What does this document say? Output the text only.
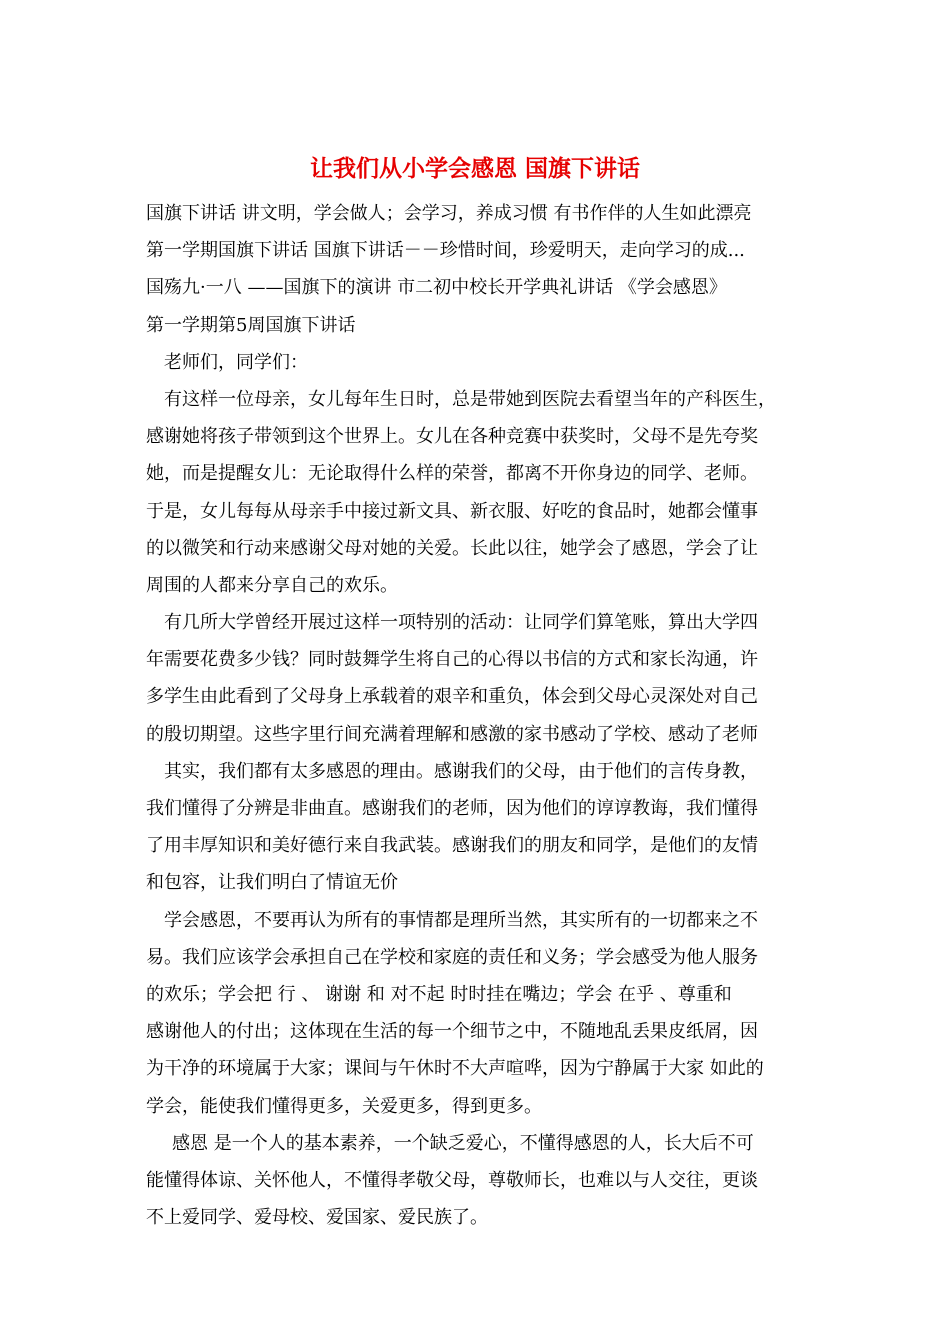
让我们从小学会感恩 国旗下讲话
国旗下讲话 讲文明，学会做人；会学习，养成习惯 有书作伴的人生如此漂亮
第一学期国旗下讲话 国旗下讲话－－珍惜时间，珍爱明天，走向学习的成...
国殇九·一八 ——国旗下的演讲 市二初中校长开学典礼讲话 《学会感恩》
第一学期第5周国旗下讲话
老师们，同学们：
有这样一位母亲，女儿每年生日时，总是带她到医院去看望当年的产科医生，
感谢她将孩子带领到这个世界上。女儿在各种竞赛中获奖时，父母不是先夸奖
她，而是提醒女儿：无论取得什么样的荣誉，都离不开你身边的同学、老师。
于是，女儿每每从母亲手中接过新文具、新衣服、好吃的食品时，她都会懂事
的以微笑和行动来感谢父母对她的关爱。长此以往，她学会了感恩，学会了让
周围的人都来分享自己的欢乐。
有几所大学曾经开展过这样一项特别的活动：让同学们算笔账，算出大学四
年需要花费多少钱？同时鼓舞学生将自己的心得以书信的方式和家长沟通，许
多学生由此看到了父母身上承载着的艰辛和重负，体会到父母心灵深处对自己
的殷切期望。这些字里行间充满着理解和感激的家书感动了学校、感动了老师
其实，我们都有太多感恩的理由。感谢我们的父母，由于他们的言传身教，
我们懂得了分辨是非曲直。感谢我们的老师，因为他们的谆谆教诲，我们懂得
了用丰厚知识和美好德行来自我武装。感谢我们的朋友和同学，是他们的友情
和包容，让我们明白了情谊无价
学会感恩，不要再认为所有的事情都是理所当然，其实所有的一切都来之不
易。我们应该学会承担自己在学校和家庭的责任和义务；学会感受为他人服务
的欢乐；学会把 行 、 谢谢 和 对不起 时时挂在嘴边；学会 在乎 、尊重和
感谢他人的付出；这体现在生活的每一个细节之中，不随地乱丢果皮纸屑，因
为干净的环境属于大家；课间与午休时不大声喧哗，因为宁静属于大家 如此的
学会，能使我们懂得更多，关爱更多，得到更多。
感恩 是一个人的基本素养，一个缺乏爱心，不懂得感恩的人，长大后不可
能懂得体谅、关怀他人，不懂得孝敬父母，尊敬师长，也难以与人交往，更谈
不上爱同学、爱母校、爱国家、爱民族了。
